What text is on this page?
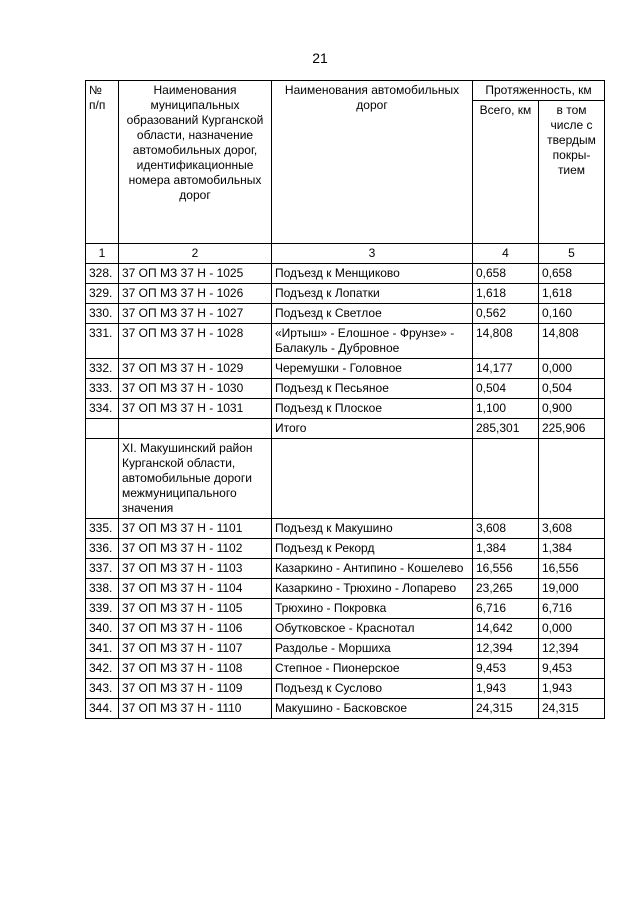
21
№
п/п	Наименования муниципальных образований Курганской области, назначение автомобильных дорог, идентификационные номера автомобильных дорог	Наименования автомобильных дорог	Протяженность, км	
			Всего, км	в том числе с твердым покры-тием
1	2	3	4	5
328.	37 ОП МЗ 37 Н - 1025	Подъезд к Менщиково	0,658	0,658
329.	37 ОП МЗ 37 Н - 1026	Подъезд к Лопатки	1,618	1,618
330.	37 ОП МЗ 37 Н - 1027	Подъезд к Светлое	0,562	0,160
331.	37 ОП МЗ 37 Н - 1028	«Иртыш» - Елошное - Фрунзе» - Балакуль - Дубровное	14,808	14,808
332.	37 ОП МЗ 37 Н - 1029	Черемушки - Головное	14,177	0,000
333.	37 ОП МЗ 37 Н - 1030	Подъезд к Песьяное	0,504	0,504
334.	37 ОП МЗ 37 Н - 1031	Подъезд к Плоское	1,100	0,900
		Итого	285,301	225,906
	XI. Макушинский район Курганской области, автомобильные дороги межмуниципального значения			
335.	37 ОП МЗ 37 Н - 1101	Подъезд к Макушино	3,608	3,608
336.	37 ОП МЗ 37 Н - 1102	Подъезд к Рекорд	1,384	1,384
337.	37 ОП МЗ 37 Н - 1103	Казаркино - Антипино - Кошелево	16,556	16,556
338.	37 ОП МЗ 37 Н - 1104	Казаркино - Трюхино - Лопарево	23,265	19,000
339.	37 ОП МЗ 37 Н - 1105	Трюхино - Покровка	6,716	6,716
340.	37 ОП МЗ 37 Н - 1106	Обутковское - Краснотал	14,642	0,000
341.	37 ОП МЗ 37 Н - 1107	Раздолье - Моршиха	12,394	12,394
342.	37 ОП МЗ 37 Н - 1108	Степное - Пионерское	9,453	9,453
343.	37 ОП МЗ 37 Н - 1109	Подъезд к Суслово	1,943	1,943
344.	37 ОП МЗ 37 Н - 1110	Макушино - Басковское	24,315	24,315
